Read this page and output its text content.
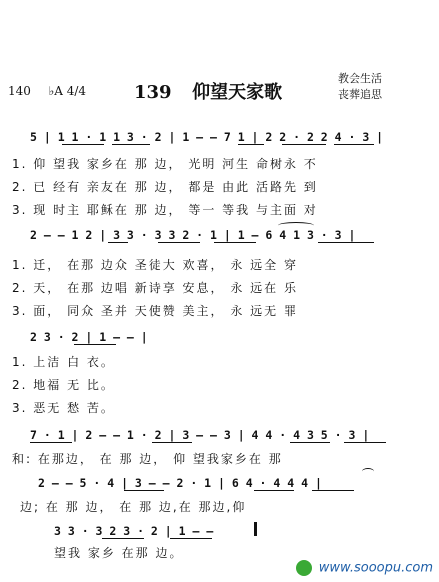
140 ♭A 4/4	139 仰望天家歌
教会生活
丧葬追思
5 | 1 1 · 1 1 3 · 2 | 1 — — 7 1 | 2 2 · 2 2 4 · 3 |
1. 仰 望我 家乡在 那 边， 光明 河生 命树永 不
2. 已 经有 亲友在 那 边， 都是 由此 活路先 到
3. 现 时主 耶稣在 那 边， 等一 等我 与主面 对
2 — — 1 2 | 3 3 · 3 3 2 · 1 | 1 — 6 4 1 3 · 3 |
1. 迁， 在那 边众 圣徒大 欢喜， 永 远全 穿
2. 天， 在那 边唱 新诗享 安息， 永 远在 乐
3. 面， 同众 圣并 天使赞 美主， 永 远无 罪
2 3 · 2 | 1 — — |
1. 上洁 白 衣。
2. 地福 无 比。
3. 恶无 愁 苦。
7 · 1 | 2 — — 1 · 2 | 3 — — 3 | 4 4 · 4 3 5 · 3 |
和: 在那边， 在 那 边， 仰 望我家乡在 那
2 — — 5 · 4 | 3 — — 2 · 1 | 6 4 · 4 4 4 |
边; 在 那 边， 在 那 边,在 那边,仰
3 3 · 3 2 3 · 2 | 1 — —
望我 家乡 在那 边。
www.sooopu.com
